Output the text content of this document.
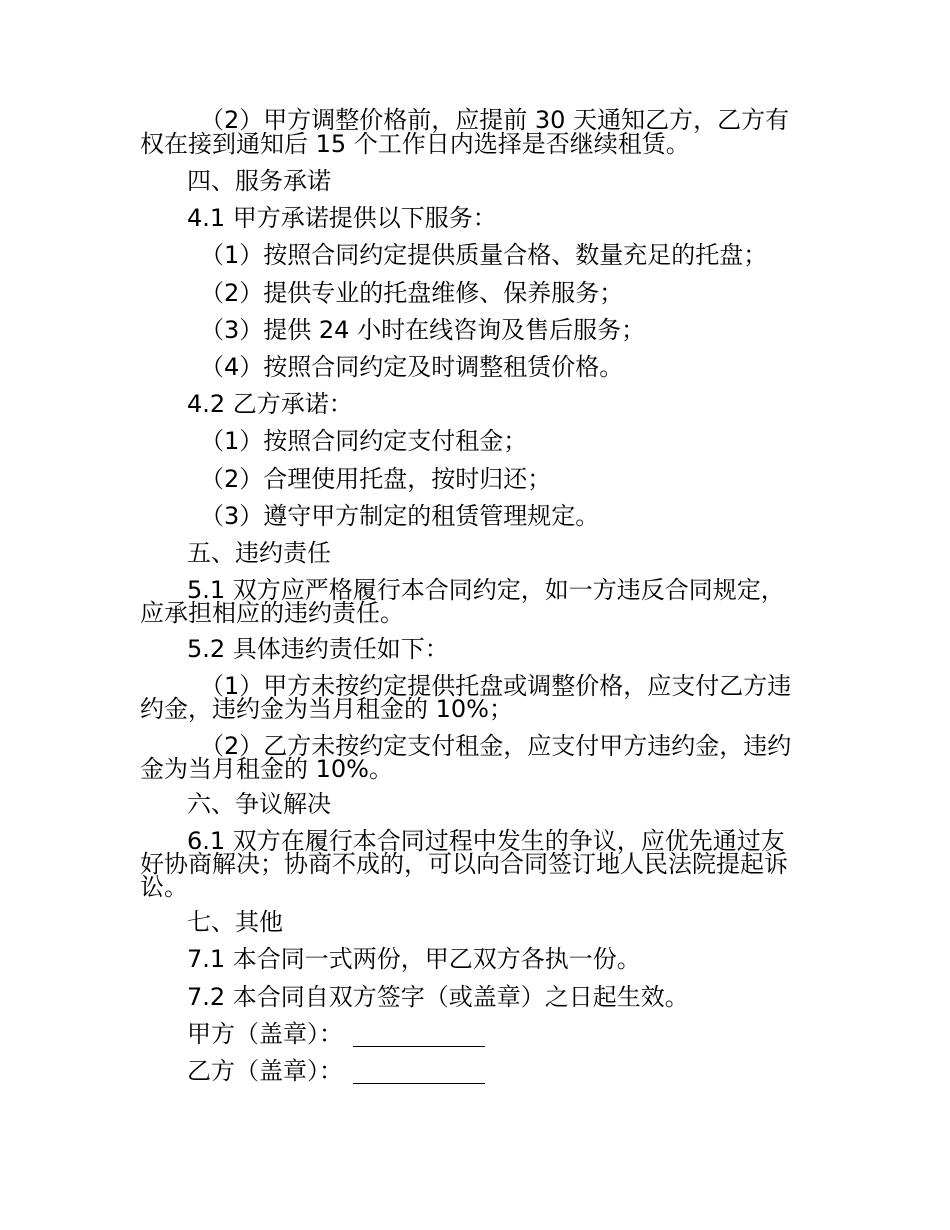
（2）甲方调整价格前，应提前 30 天通知乙方，乙方有
权在接到通知后 15 个工作日内选择是否继续租赁。
四、服务承诺
4.1 甲方承诺提供以下服务：
（1）按照合同约定提供质量合格、数量充足的托盘；
（2）提供专业的托盘维修、保养服务；
（3）提供 24 小时在线咨询及售后服务；
（4）按照合同约定及时调整租赁价格。
4.2 乙方承诺：
（1）按照合同约定支付租金；
（2）合理使用托盘，按时归还；
（3）遵守甲方制定的租赁管理规定。
五、违约责任
5.1 双方应严格履行本合同约定，如一方违反合同规定，
应承担相应的违约责任。
5.2 具体违约责任如下：
（1）甲方未按约定提供托盘或调整价格，应支付乙方违
约金，违约金为当月租金的 10%；
（2）乙方未按约定支付租金，应支付甲方违约金，违约
金为当月租金的 10%。
六、争议解决
6.1 双方在履行本合同过程中发生的争议，应优先通过友
好协商解决；协商不成的，可以向合同签订地人民法院提起诉
讼。
七、其他
7.1 本合同一式两份，甲乙双方各执一份。
7.2 本合同自双方签字（或盖章）之日起生效。
甲方（盖章）：
乙方（盖章）：
